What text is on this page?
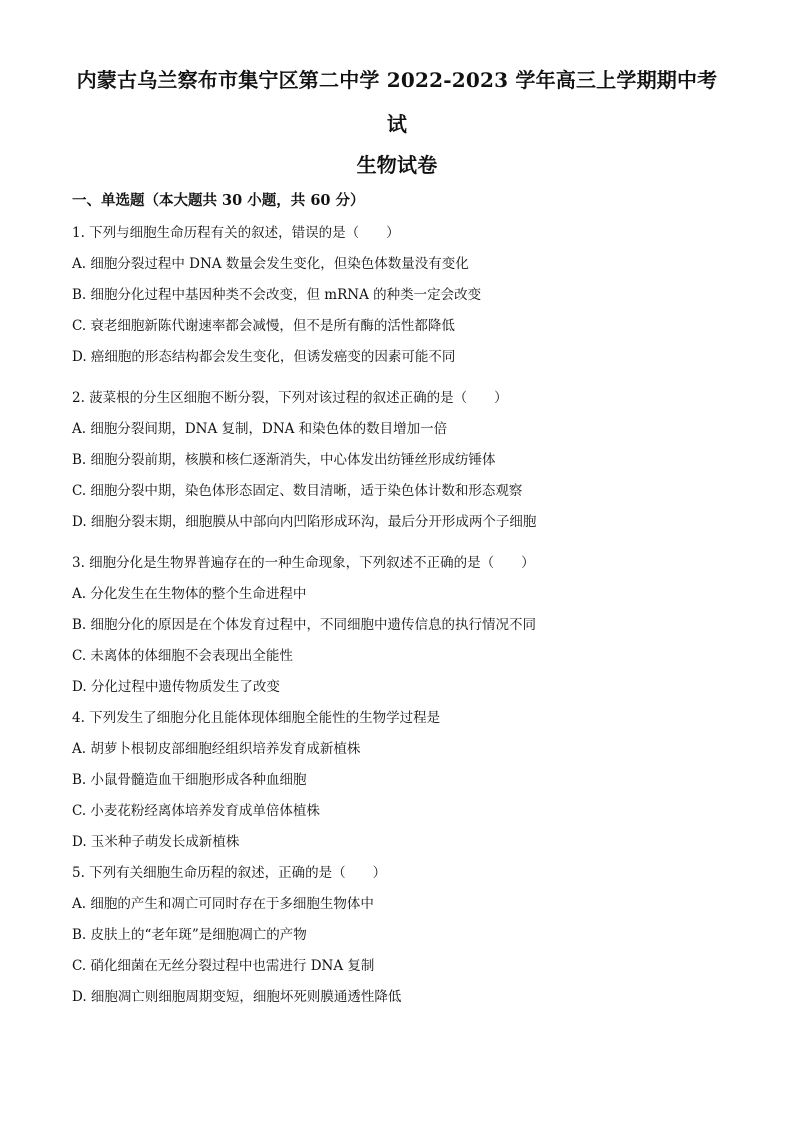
内蒙古乌兰察布市集宁区第二中学 2022-2023 学年高三上学期期中考
试
生物试卷
一、单选题（本大题共 30 小题，共 60 分）
1. 下列与细胞生命历程有关的叙述，错误的是（　　）
A. 细胞分裂过程中 DNA 数量会发生变化，但染色体数量没有变化
B. 细胞分化过程中基因种类不会改变，但 mRNA 的种类一定会改变
C. 衰老细胞新陈代谢速率都会减慢，但不是所有酶的活性都降低
D. 癌细胞的形态结构都会发生变化，但诱发癌变的因素可能不同
2. 菠菜根的分生区细胞不断分裂，下列对该过程的叙述正确的是（　　）
A. 细胞分裂间期，DNA 复制，DNA 和染色体的数目增加一倍
B. 细胞分裂前期，核膜和核仁逐渐消失，中心体发出纺锤丝形成纺锤体
C. 细胞分裂中期，染色体形态固定、数目清晰，适于染色体计数和形态观察
D. 细胞分裂末期，细胞膜从中部向内凹陷形成环沟，最后分开形成两个子细胞
3. 细胞分化是生物界普遍存在的一种生命现象，下列叙述不正确的是（　　）
A. 分化发生在生物体的整个生命进程中
B. 细胞分化的原因是在个体发育过程中，不同细胞中遗传信息的执行情况不同
C. 未离体的体细胞不会表现出全能性
D. 分化过程中遗传物质发生了改变
4. 下列发生了细胞分化且能体现体细胞全能性的生物学过程是
A. 胡萝卜根韧皮部细胞经组织培养发育成新植株
B. 小鼠骨髓造血干细胞形成各种血细胞
C. 小麦花粉经离体培养发育成单倍体植株
D. 玉米种子萌发长成新植株
5. 下列有关细胞生命历程的叙述，正确的是（　　）
A. 细胞的产生和凋亡可同时存在于多细胞生物体中
B. 皮肤上的“老年斑”是细胞凋亡的产物
C. 硝化细菌在无丝分裂过程中也需进行 DNA 复制
D. 细胞凋亡则细胞周期变短，细胞坏死则膜通透性降低
